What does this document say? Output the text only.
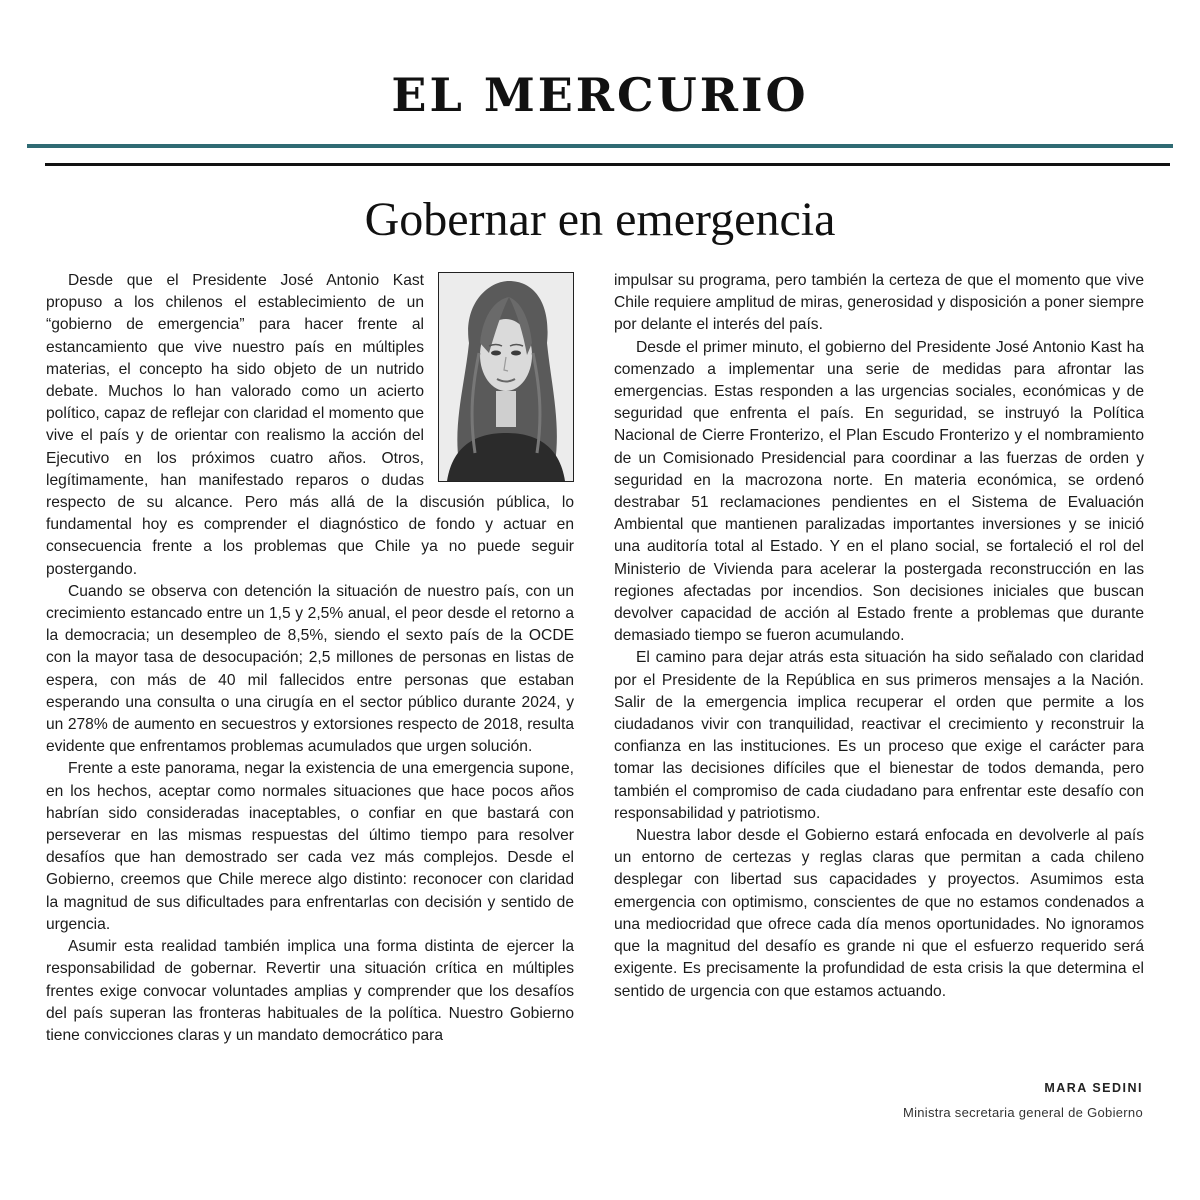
EL MERCURIO
Gobernar en emergencia

Desde que el Presidente José Antonio Kast propuso a los chilenos el establecimiento de un “gobierno de emergencia” para hacer frente al estancamiento que vive nuestro país en múltiples materias, el concepto ha sido objeto de un nutrido debate. Muchos lo han valorado como un acierto político, capaz de reflejar con claridad el momento que vive el país y de orientar con realismo la acción del Ejecutivo en los próximos cuatro años. Otros, legítimamente, han manifestado reparos o dudas respecto de su alcance. Pero más allá de la discusión pública, lo fundamental hoy es comprender el diagnóstico de fondo y actuar en consecuencia frente a los problemas que Chile ya no puede seguir postergando.

Cuando se observa con detención la situación de nuestro país, con un crecimiento estancado entre un 1,5 y 2,5% anual, el peor desde el retorno a la democracia; un desempleo de 8,5%, siendo el sexto país de la OCDE con la mayor tasa de desocupación; 2,5 millones de personas en listas de espera, con más de 40 mil fallecidos entre personas que estaban esperando una consulta o una cirugía en el sector público durante 2024, y un 278% de aumento en secuestros y extorsiones respecto de 2018, resulta evidente que enfrentamos problemas acumulados que urgen solución.

Frente a este panorama, negar la existencia de una emergencia supone, en los hechos, aceptar como normales situaciones que hace pocos años habrían sido consideradas inaceptables, o confiar en que bastará con perseverar en las mismas respuestas del último tiempo para resolver desafíos que han demostrado ser cada vez más complejos. Desde el Gobierno, creemos que Chile merece algo distinto: reconocer con claridad la magnitud de sus dificultades para enfrentarlas con decisión y sentido de urgencia.

Asumir esta realidad también implica una forma distinta de ejercer la responsabilidad de gobernar. Revertir una situación crítica en múltiples frentes exige convocar voluntades amplias y comprender que los desafíos del país superan las fronteras habituales de la política. Nuestro Gobierno tiene convicciones claras y un mandato democrático para

impulsar su programa, pero también la certeza de que el momento que vive Chile requiere amplitud de miras, generosidad y disposición a poner siempre por delante el interés del país.

Desde el primer minuto, el gobierno del Presidente José Antonio Kast ha comenzado a implementar una serie de medidas para afrontar las emergencias. Estas responden a las urgencias sociales, económicas y de seguridad que enfrenta el país. En seguridad, se instruyó la Política Nacional de Cierre Fronterizo, el Plan Escudo Fronterizo y el nombramiento de un Comisionado Presidencial para coordinar a las fuerzas de orden y seguridad en la macrozona norte. En materia económica, se ordenó destrabar 51 reclamaciones pendientes en el Sistema de Evaluación Ambiental que mantienen paralizadas importantes inversiones y se inició una auditoría total al Estado. Y en el plano social, se fortaleció el rol del Ministerio de Vivienda para acelerar la postergada reconstrucción en las regiones afectadas por incendios. Son decisiones iniciales que buscan devolver capacidad de acción al Estado frente a problemas que durante demasiado tiempo se fueron acumulando.

El camino para dejar atrás esta situación ha sido señalado con claridad por el Presidente de la República en sus primeros mensajes a la Nación. Salir de la emergencia implica recuperar el orden que permite a los ciudadanos vivir con tranquilidad, reactivar el crecimiento y reconstruir la confianza en las instituciones. Es un proceso que exige el carácter para tomar las decisiones difíciles que el bienestar de todos demanda, pero también el compromiso de cada ciudadano para enfrentar este desafío con responsabilidad y patriotismo.

Nuestra labor desde el Gobierno estará enfocada en devolverle al país un entorno de certezas y reglas claras que permitan a cada chileno desplegar con libertad sus capacidades y proyectos. Asumimos esta emergencia con optimismo, conscientes de que no estamos condenados a una mediocridad que ofrece cada día menos oportunidades. No ignoramos que la magnitud del desafío es grande ni que el esfuerzo requerido será exigente. Es precisamente la profundidad de esta crisis la que determina el sentido de urgencia con que estamos actuando.

MARA SEDINI
Ministra secretaria general de Gobierno
